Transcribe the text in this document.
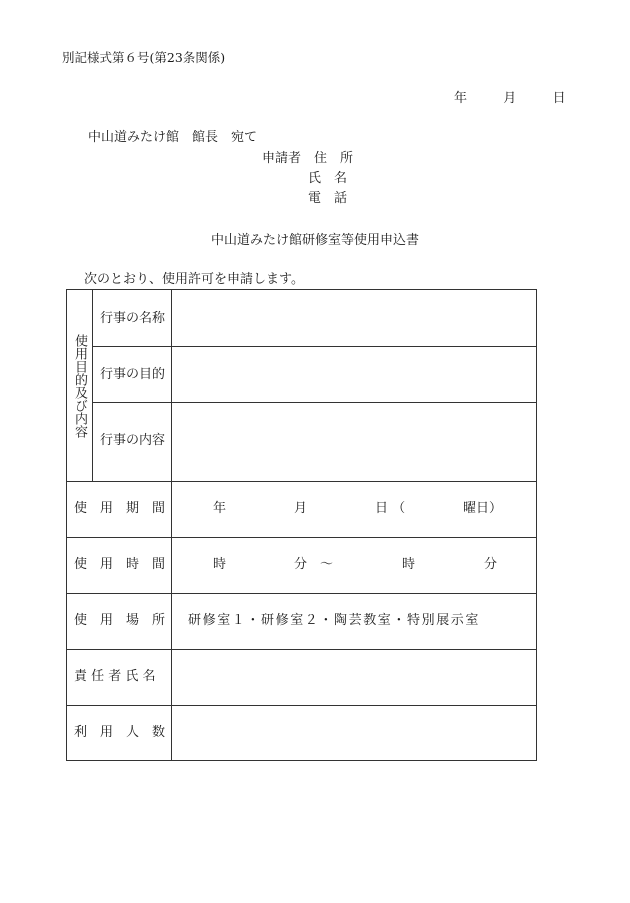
別記様式第６号(第23条関係)
年	月	日
中山道みたけ館　館長　宛て
申請者 住　所
氏　名
電　話
中山道みたけ館研修室等使用申込書
次のとおり、使用許可を申請します。
使用目的及び内容
行事の名称
行事の目的
行事の内容
使　用　期　間	年	月	日 （	曜日）
使　用　時　間	時	分　～	時	分
使　用　場　所 研修室１・研修室２・陶芸教室・特別展示室
責 任 者 氏 名
利　用　人　数
